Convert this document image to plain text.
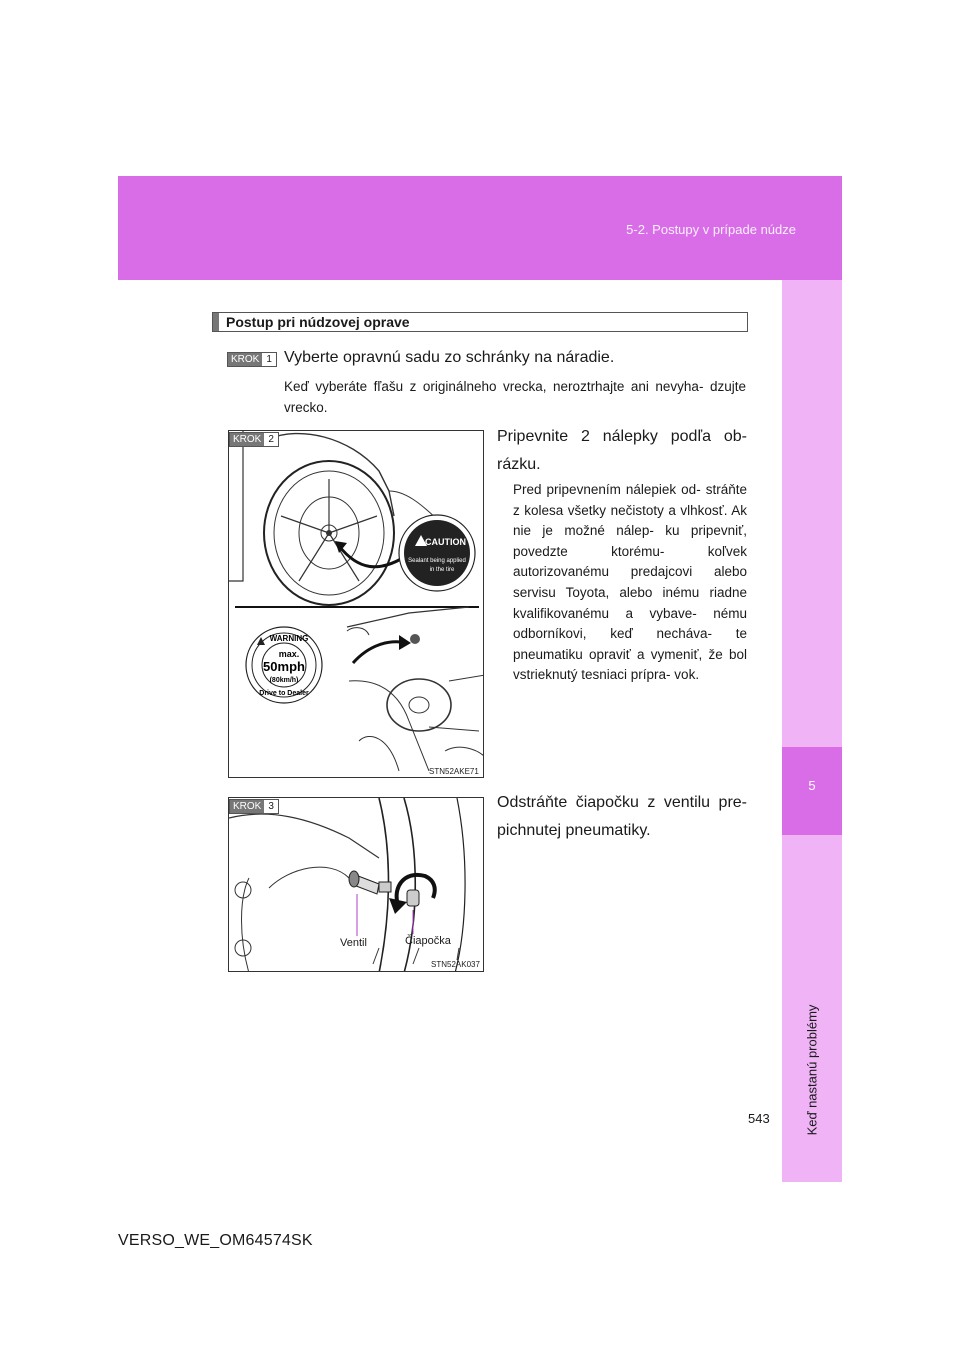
5-2. Postupy v prípade núdze
5
Keď nastanú problémy
Postup pri núdzovej oprave
KROK 1 Vyberte opravnú sadu zo schránky na náradie.
Keď vyberáte fľašu z originálneho vrecka, neroztrhajte ani nevyha- dzujte vrecko.
CAUTION
Sealant being applied
in the tire
WARNING
max.
50mph
(80km/h)
Drive to Dealer
STN52AKE71
KROK 2	Pripevnite 2 nálepky podľa ob- rázku.
Pred pripevnením nálepiek od- stráňte z kolesa všetky nečistoty a vlhkosť. Ak nie je možné nálep- ku pripevniť, povedzte ktorému- koľvek autorizovanému predajcovi alebo servisu Toyota, alebo inému riadne kvalifikovanému a vybave- nému odborníkovi, keď necháva- te pneumatiku opraviť a vymeniť, že bol vstrieknutý tesniaci prípra- vok.
Ventil	Čiapočka
STN52AK037
KROK 3	Odstráňte čiapočku z ventilu pre- pichnutej pneumatiky.
543
VERSO_WE_OM64574SK
